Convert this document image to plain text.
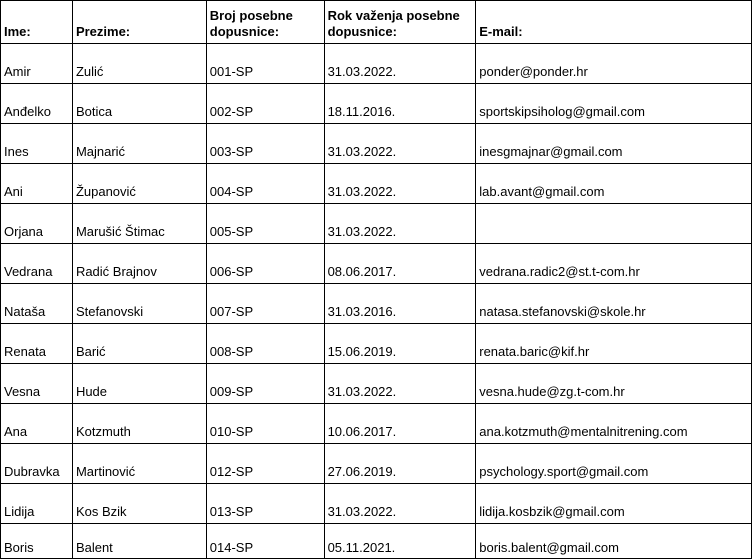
Ime:	Prezime:	Broj posebne dopusnice:	Rok važenja posebne dopusnice:	E-mail:
Amir	Zulić	001-SP	31.03.2022.	ponder@ponder.hr
Anđelko	Botica	002-SP	18.11.2016.	sportskipsiholog@gmail.com
Ines	Majnarić	003-SP	31.03.2022.	inesgmajnar@gmail.com
Ani	Županović	004-SP	31.03.2022.	lab.avant@gmail.com
Orjana	Marušić Štimac	005-SP	31.03.2022.	
Vedrana	Radić Brajnov	006-SP	08.06.2017.	vedrana.radic2@st.t-com.hr
Nataša	Stefanovski	007-SP	31.03.2016.	natasa.stefanovski@skole.hr
Renata	Barić	008-SP	15.06.2019.	renata.baric@kif.hr
Vesna	Hude	009-SP	31.03.2022.	vesna.hude@zg.t-com.hr
Ana	Kotzmuth	010-SP	10.06.2017.	ana.kotzmuth@mentalnitrening.com
Dubravka	Martinović	012-SP	27.06.2019.	psychology.sport@gmail.com
Lidija	Kos Bzik	013-SP	31.03.2022.	lidija.kosbzik@gmail.com
Boris	Balent	014-SP	05.11.2021.	boris.balent@gmail.com
